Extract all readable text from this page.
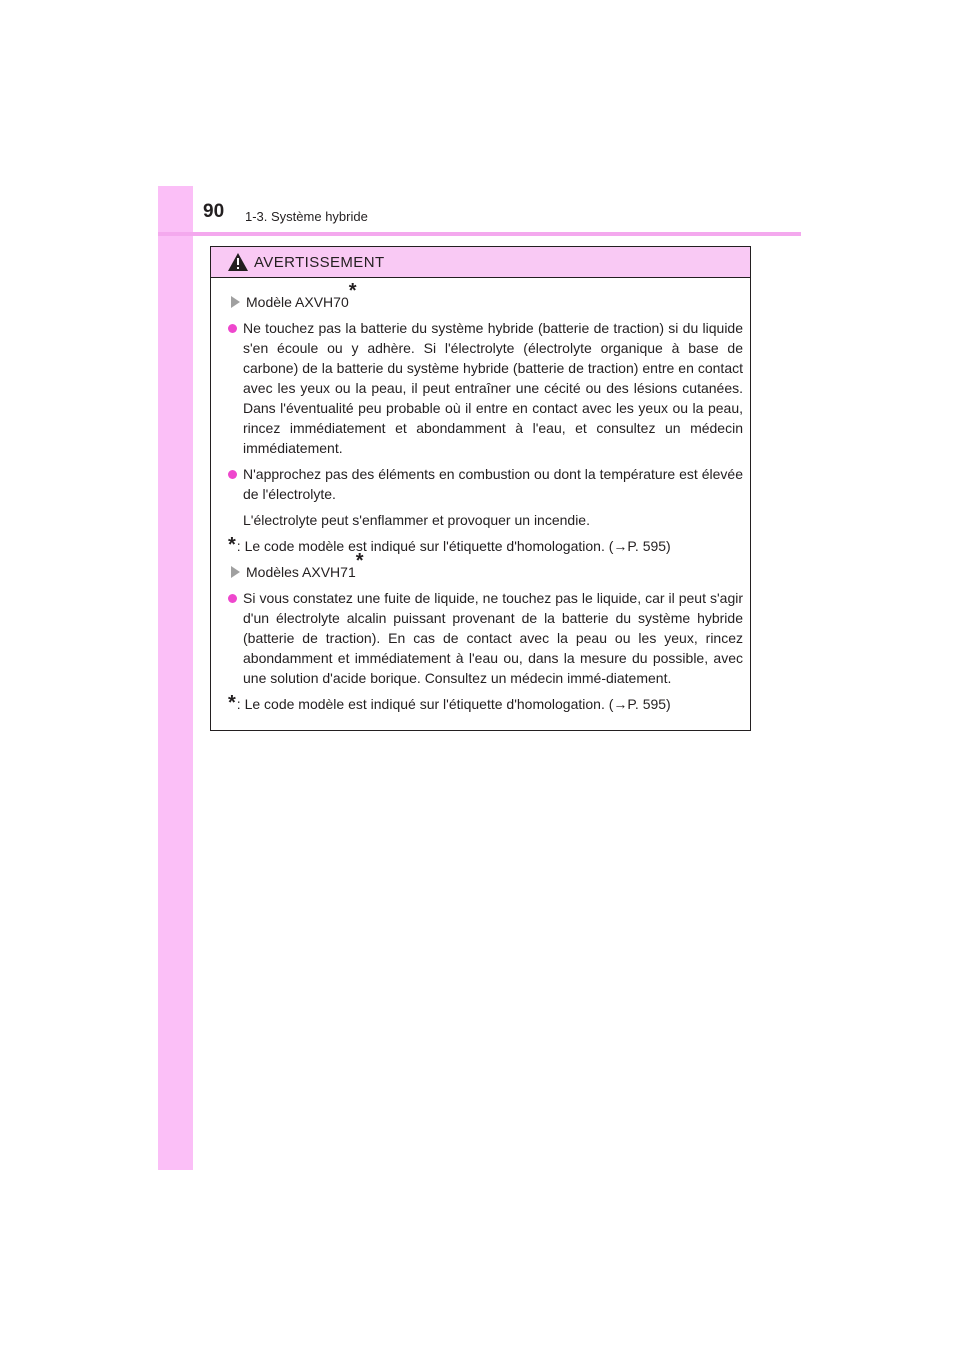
90 1-3. Système hybride
AVERTISSEMENT
Modèle AXVH70 *
Ne touchez pas la batterie du système hybride (batterie de traction) si du liquide s'en écoule ou y adhère. Si l'électrolyte (électrolyte organique à base de carbone) de la batterie du système hybride (batterie de traction) entre en contact avec les yeux ou la peau, il peut entraîner une cécité ou des lésions cutanées. Dans l'éventualité peu probable où il entre en contact avec les yeux ou la peau, rincez immédiatement et abondamment à l'eau, et consultez un médecin immédiatement.
N'approchez pas des éléments en combustion ou dont la température est élevée de l'électrolyte.
L'électrolyte peut s'enflammer et provoquer un incendie.
* : Le code modèle est indiqué sur l'étiquette d'homologation. (→P. 595)
Modèles AXVH71 *
Si vous constatez une fuite de liquide, ne touchez pas le liquide, car il peut s'agir d'un électrolyte alcalin puissant provenant de la batterie du système hybride (batterie de traction). En cas de contact avec la peau ou les yeux, rincez abondamment et immédiatement à l'eau ou, dans la mesure du possible, avec une solution d'acide borique. Consultez un médecin immé-diatement.
* : Le code modèle est indiqué sur l'étiquette d'homologation. (→P. 595)
